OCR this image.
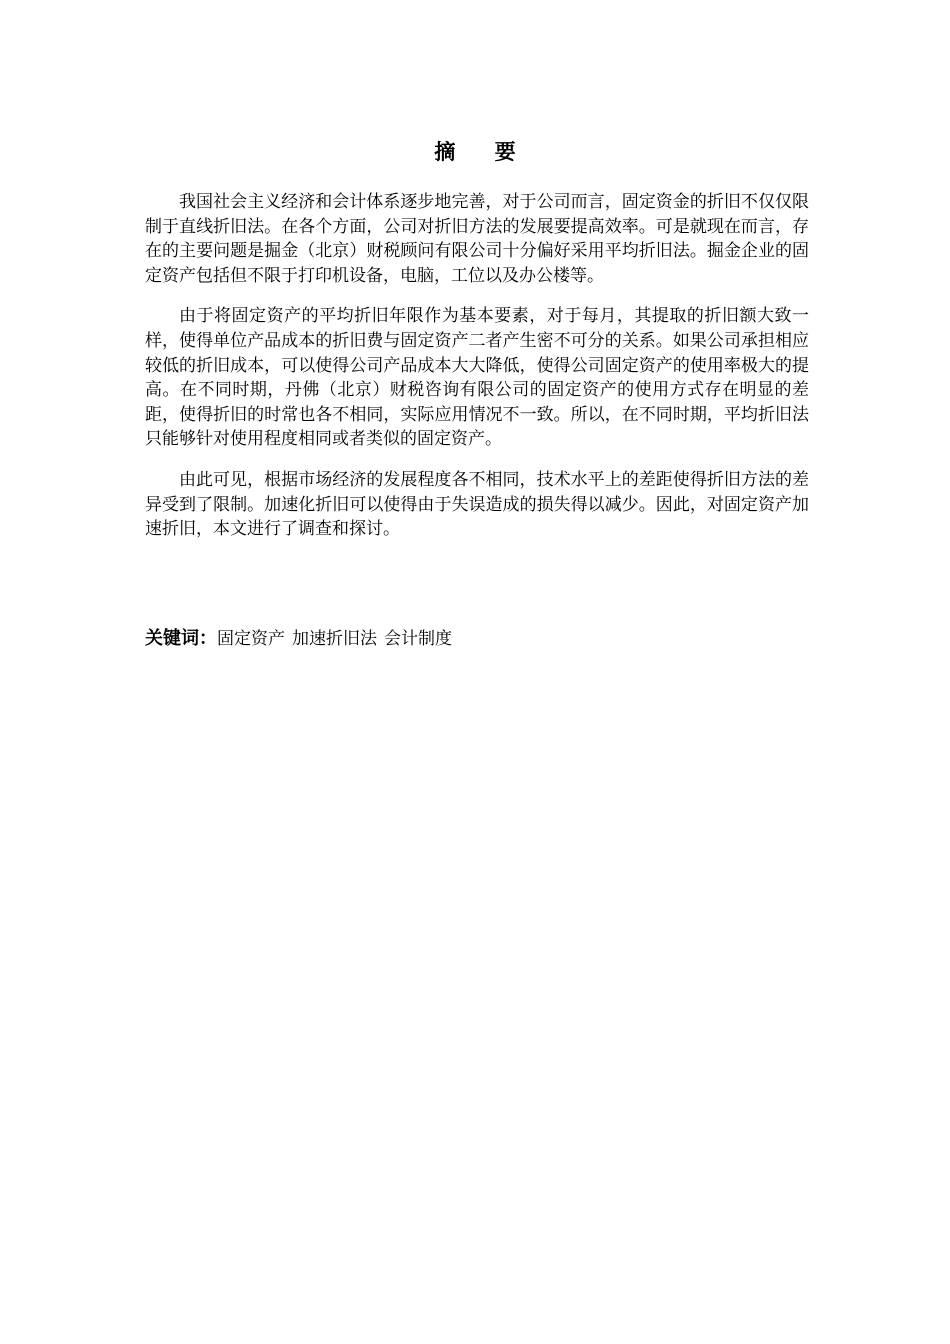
摘 要

我国社会主义经济和会计体系逐步地完善，对于公司而言，固定资金的折旧不仅仅限制于直线折旧法。在各个方面，公司对折旧方法的发展要提高效率。可是就现在而言，存在的主要问题是掘金（北京）财税顾问有限公司十分偏好采用平均折旧法。掘金企业的固定资产包括但不限于打印机设备，电脑，工位以及办公楼等。

由于将固定资产的平均折旧年限作为基本要素，对于每月，其提取的折旧额大致一样，使得单位产品成本的折旧费与固定资产二者产生密不可分的关系。如果公司承担相应较低的折旧成本，可以使得公司产品成本大大降低，使得公司固定资产的使用率极大的提高。在不同时期，丹佛（北京）财税咨询有限公司的固定资产的使用方式存在明显的差距，使得折旧的时常也各不相同，实际应用情况不一致。所以，在不同时期，平均折旧法只能够针对使用程度相同或者类似的固定资产。

由此可见，根据市场经济的发展程度各不相同，技术水平上的差距使得折旧方法的差异受到了限制。加速化折旧可以使得由于失误造成的损失得以减少。因此，对固定资产加速折旧，本文进行了调查和探讨。

关键词：固定资产 加速折旧法 会计制度
